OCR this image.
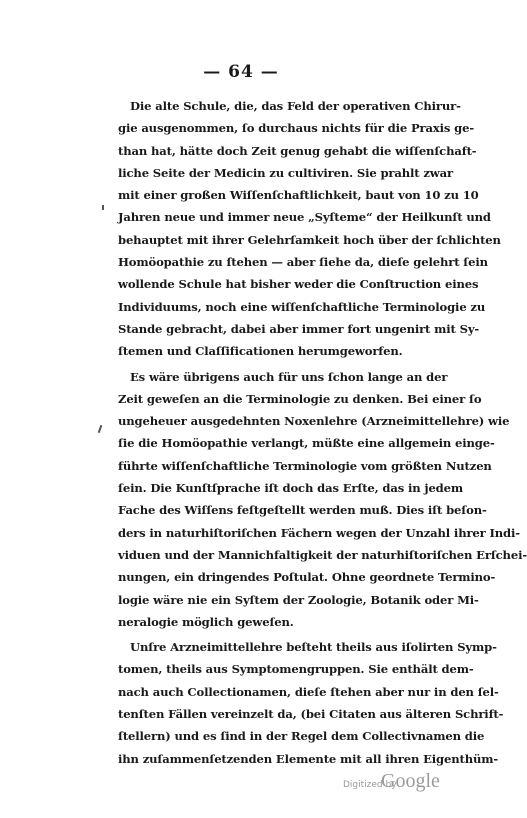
— 64 —
Die alte Schule, die, das Feld der operativen Chirur-
gie ausgenommen, ſo durchaus nichts für die Praxis ge-
than hat, hätte doch Zeit genug gehabt die wiſſenſchaft-
liche Seite der Medicin zu cultiviren. Sie prahlt zwar
mit einer großen Wiſſenſchaftlichkeit, baut von 10 zu 10
Jahren neue und immer neue „Syſteme“ der Heilkunſt und
behauptet mit ihrer Gelehrſamkeit hoch über der ſchlichten
Homöopathie zu ſtehen — aber ſiehe da, dieſe gelehrt ſein
wollende Schule hat bisher weder die Conſtruction eines
Individuums, noch eine wiſſenſchaftliche Terminologie zu
Stande gebracht, dabei aber immer fort ungenirt mit Sy-
ſtemen und Claſſificationen herumgeworfen.
Es wäre übrigens auch für uns ſchon lange an der
Zeit geweſen an die Terminologie zu denken. Bei einer ſo
ungeheuer ausgedehnten Noxenlehre (Arzneimittellehre) wie
ſie die Homöopathie verlangt, müßte eine allgemein einge-
führte wiſſenſchaftliche Terminologie vom größten Nutzen
ſein. Die Kunſtſprache iſt doch das Erſte, das in jedem
Fache des Wiſſens feſtgeſtellt werden muß. Dies iſt beſon-
ders in naturhiſtoriſchen Fächern wegen der Unzahl ihrer Indi-
viduen und der Mannichfaltigkeit der naturhiſtoriſchen Erſchei-
nungen, ein dringendes Poſtulat. Ohne geordnete Termino-
logie wäre nie ein Syſtem der Zoologie, Botanik oder Mi-
neralogie möglich geweſen.
Unſre Arzneimittellehre beſteht theils aus iſolirten Symp-
tomen, theils aus Symptomengruppen. Sie enthält dem-
nach auch Collectionamen, dieſe ſtehen aber nur in den ſel-
tenſten Fällen vereinzelt da, (bei Citaten aus älteren Schrift-
ſtellern) und es ſind in der Regel dem Collectivnamen die
ihn zuſammenſetzenden Elemente mit all ihren Eigenthüm-
Digitized by
Google
